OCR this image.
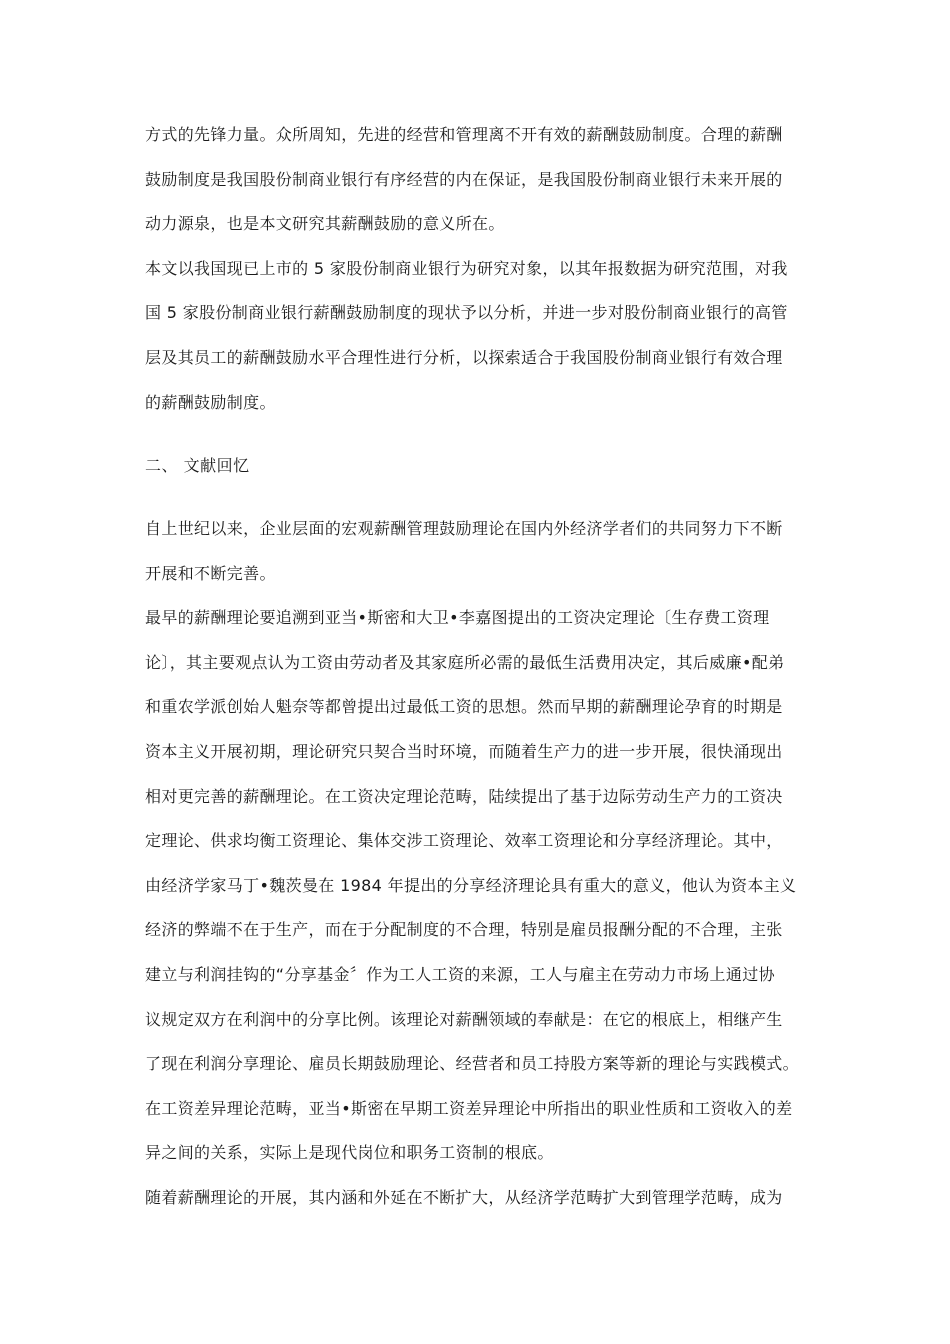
方式的先锋力量。众所周知，先进的经营和管理离不开有效的薪酬鼓励制度。合理的薪酬
鼓励制度是我国股份制商业银行有序经营的内在保证，是我国股份制商业银行未来开展的
动力源泉，也是本文研究其薪酬鼓励的意义所在。
本文以我国现已上市的 5 家股份制商业银行为研究对象，以其年报数据为研究范围，对我
国 5 家股份制商业银行薪酬鼓励制度的现状予以分析，并进一步对股份制商业银行的高管
层及其员工的薪酬鼓励水平合理性进行分析，以探索适合于我国股份制商业银行有效合理
的薪酬鼓励制度。
二、 文献回忆
自上世纪以来，企业层面的宏观薪酬管理鼓励理论在国内外经济学者们的共同努力下不断
开展和不断完善。
最早的薪酬理论要追溯到亚当•斯密和大卫•李嘉图提出的工资决定理论〔生存费工资理
论〕，其主要观点认为工资由劳动者及其家庭所必需的最低生活费用决定，其后威廉•配弟
和重农学派创始人魁奈等都曾提出过最低工资的思想。然而早期的薪酬理论孕育的时期是
资本主义开展初期，理论研究只契合当时环境，而随着生产力的进一步开展，很快涌现出
相对更完善的薪酬理论。在工资决定理论范畴，陆续提出了基于边际劳动生产力的工资决
定理论、供求均衡工资理论、集体交涉工资理论、效率工资理论和分享经济理论。其中，
由经济学家马丁•魏茨曼在 1984 年提出的分享经济理论具有重大的意义，他认为资本主义
经济的弊端不在于生产，而在于分配制度的不合理，特别是雇员报酬分配的不合理，主张
建立与利润挂钩的“分享基金〞作为工人工资的来源，工人与雇主在劳动力市场上通过协
议规定双方在利润中的分享比例。该理论对薪酬领域的奉献是：在它的根底上，相继产生
了现在利润分享理论、雇员长期鼓励理论、经营者和员工持股方案等新的理论与实践模式。
在工资差异理论范畴，亚当•斯密在早期工资差异理论中所指出的职业性质和工资收入的差
异之间的关系，实际上是现代岗位和职务工资制的根底。
随着薪酬理论的开展，其内涵和外延在不断扩大，从经济学范畴扩大到管理学范畴，成为
